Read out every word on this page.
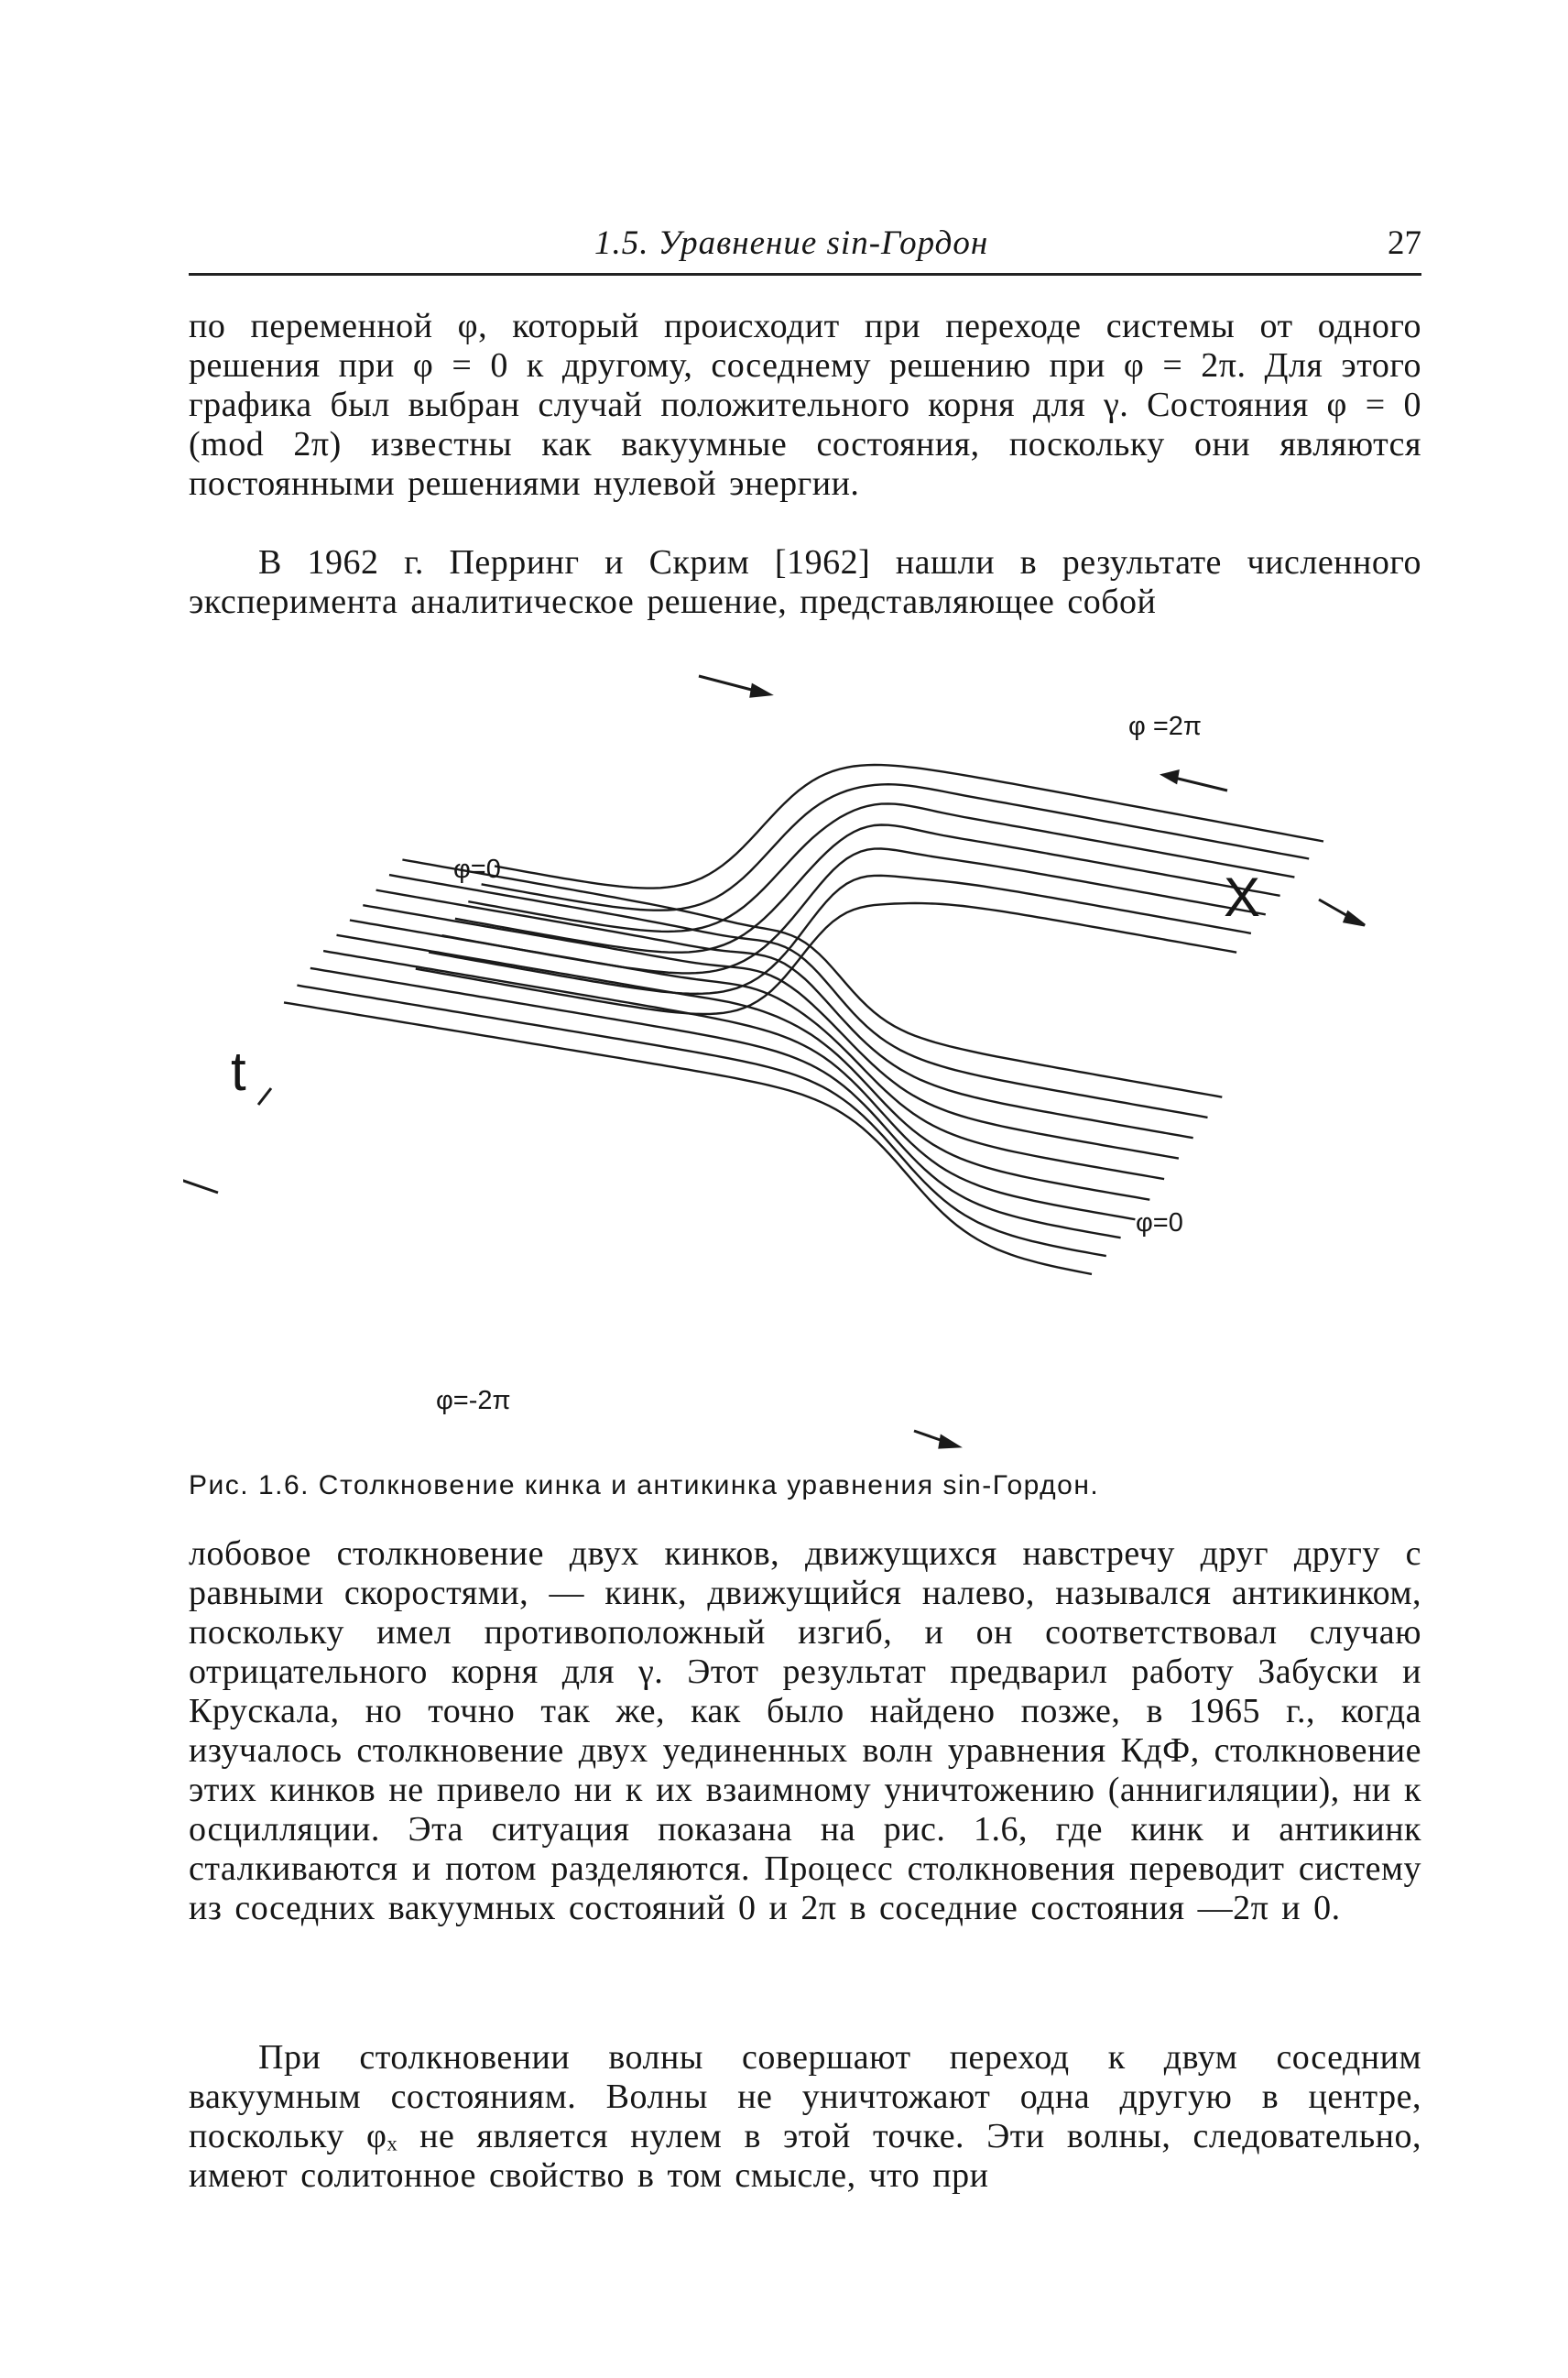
1.5. Уравнение sin-Гордон	27

по переменной φ, который происходит при переходе системы от одного решения при φ = 0 к другому, соседнему решению при φ = 2π. Для этого графика был выбран случай положительного корня для γ. Состояния φ = 0 (mod 2π) известны как вакуумные состояния, поскольку они являются постоянными решениями нулевой энергии.

В 1962 г. Перринг и Скрим [1962] нашли в результате численного эксперимента аналитическое решение, представляющее собой

φ =2π
φ=0
φ=0
φ=-2π
X
t
Рис. 1.6. Столкновение кинка и антикинка уравнения sin-Гордон.

лобовое столкновение двух кинков, движущихся навстречу друг другу с равными скоростями, — кинк, движущийся налево, назывался антикинком, поскольку имел противоположный изгиб, и он соответствовал случаю отрицательного корня для γ. Этот результат предварил работу Забуски и Крускала, но точно так же, как было найдено позже, в 1965 г., когда изучалось столкновение двух уединенных волн уравнения КдФ, столкновение этих кинков не привело ни к их взаимному уничтожению (аннигиляции), ни к осцилляции. Эта ситуация показана на рис. 1.6, где кинк и антикинк сталкиваются и потом разделяются. Процесс столкновения переводит систему из соседних вакуумных состояний 0 и 2π в соседние состояния —2π и 0.

При столкновении волны совершают переход к двум соседним вакуумным состояниям. Волны не уничтожают одна другую в центре, поскольку φₓ не является нулем в этой точке. Эти волны, следовательно, имеют солитонное свойство в том смысле, что при
